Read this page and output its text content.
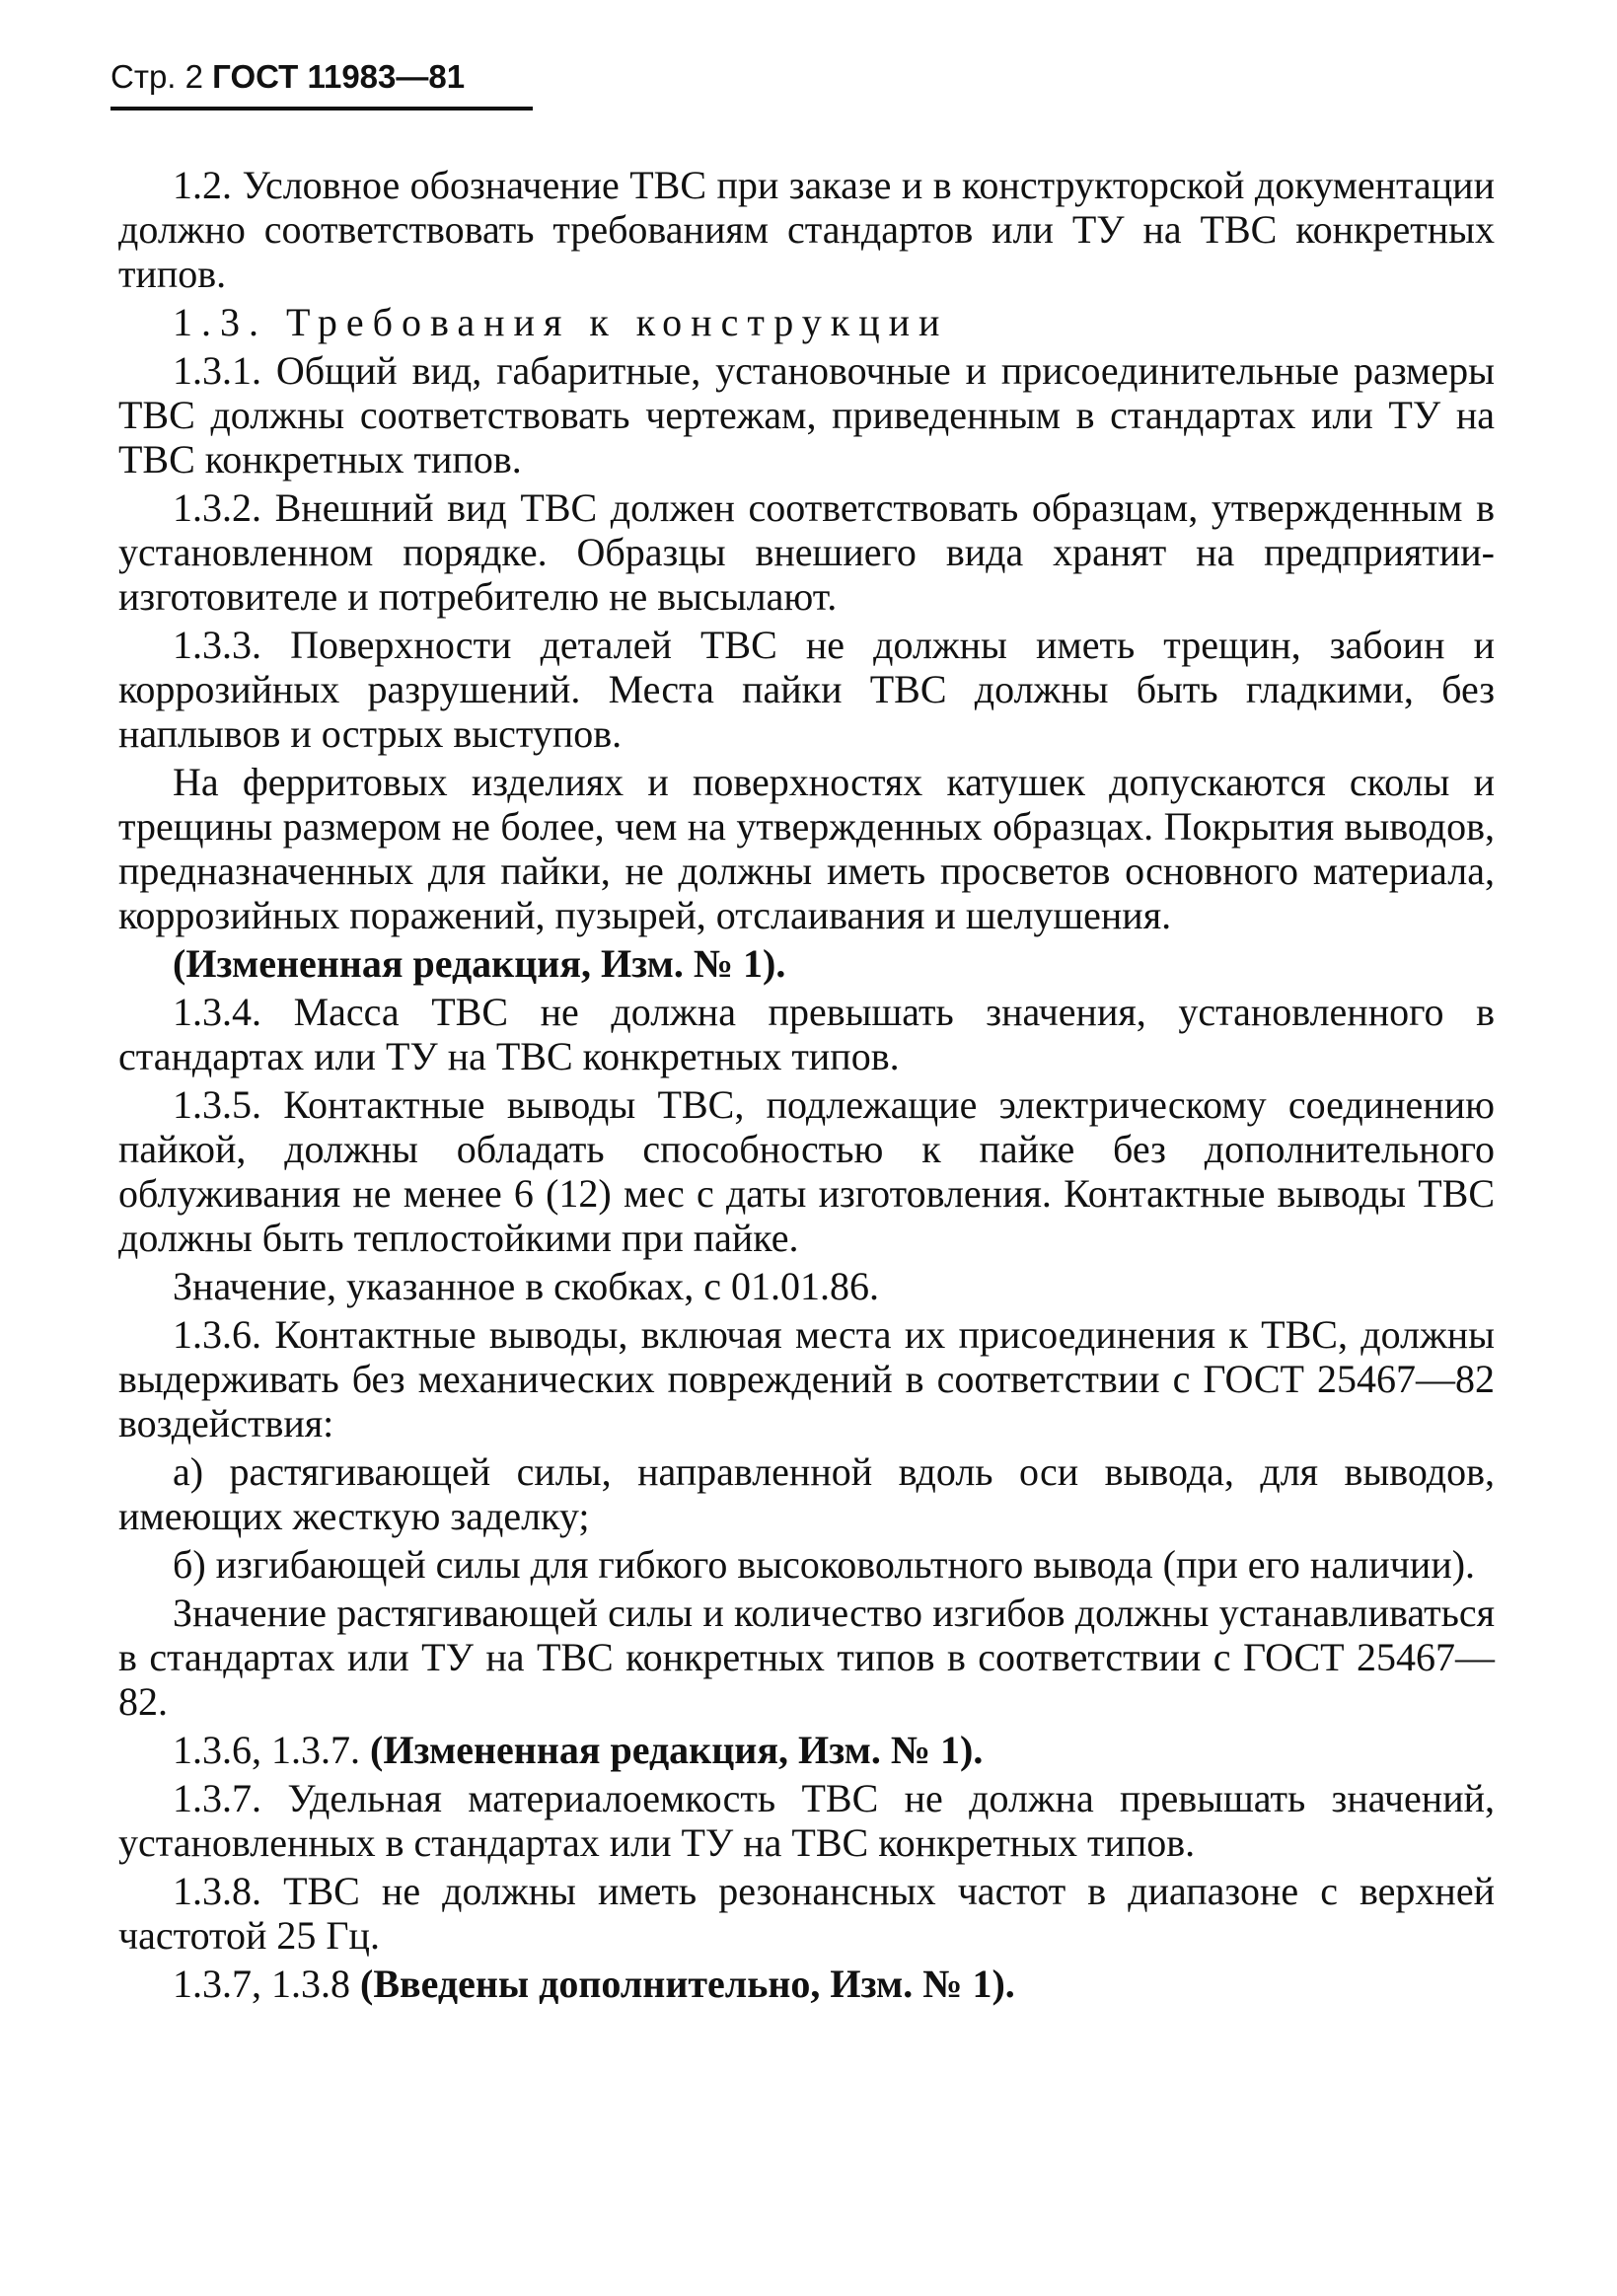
Стр. 2 ГОСТ 11983—81

1.2. Условное обозначение ТВС при заказе и в конструкторской документации должно соответствовать требованиям стандартов или ТУ на ТВС конкретных типов.

1.3. Требования к конструкции

1.3.1. Общий вид, габаритные, установочные и присоединительные размеры ТВС должны соответствовать чертежам, приведенным в стандартах или ТУ на ТВС конкретных типов.

1.3.2. Внешний вид ТВС должен соответствовать образцам, утвержденным в установленном порядке. Образцы внешиего вида хранят на предприятии-изготовителе и потребителю не высылают.

1.3.3. Поверхности деталей ТВС не должны иметь трещин, забоин и коррозийных разрушений. Места пайки ТВС должны быть гладкими, без наплывов и острых выступов.

На ферритовых изделиях и поверхностях катушек допускаются сколы и трещины размером не более, чем на утвержденных образцах. Покрытия выводов, предназначенных для пайки, не должны иметь просветов основного материала, коррозийных поражений, пузырей, отслаивания и шелушения.

(Измененная редакция, Изм. № 1).

1.3.4. Масса ТВС не должна превышать значения, установленного в стандартах или ТУ на ТВС конкретных типов.

1.3.5. Контактные выводы ТВС, подлежащие электрическому соединению пайкой, должны обладать способностью к пайке без дополнительного облуживания не менее 6 (12) мес с даты изготовления. Контактные выводы ТВС должны быть теплостойкими при пайке.

Значение, указанное в скобках, с 01.01.86.

1.3.6. Контактные выводы, включая места их присоединения к ТВС, должны выдерживать без механических повреждений в соответствии с ГОСТ 25467—82 воздействия:

а) растягивающей силы, направленной вдоль оси вывода, для выводов, имеющих жесткую заделку;

б) изгибающей силы для гибкого высоковольтного вывода (при его наличии).

Значение растягивающей силы и количество изгибов должны устанавливаться в стандартах или ТУ на ТВС конкретных типов в соответствии с ГОСТ 25467—82.

1.3.6, 1.3.7. (Измененная редакция, Изм. № 1).

1.3.7. Удельная материалоемкость ТВС не должна превышать значений, установленных в стандартах или ТУ на ТВС конкретных типов.

1.3.8. ТВС не должны иметь резонансных частот в диапазоне с верхней частотой 25 Гц.

1.3.7, 1.3.8 (Введены дополнительно, Изм. № 1).
